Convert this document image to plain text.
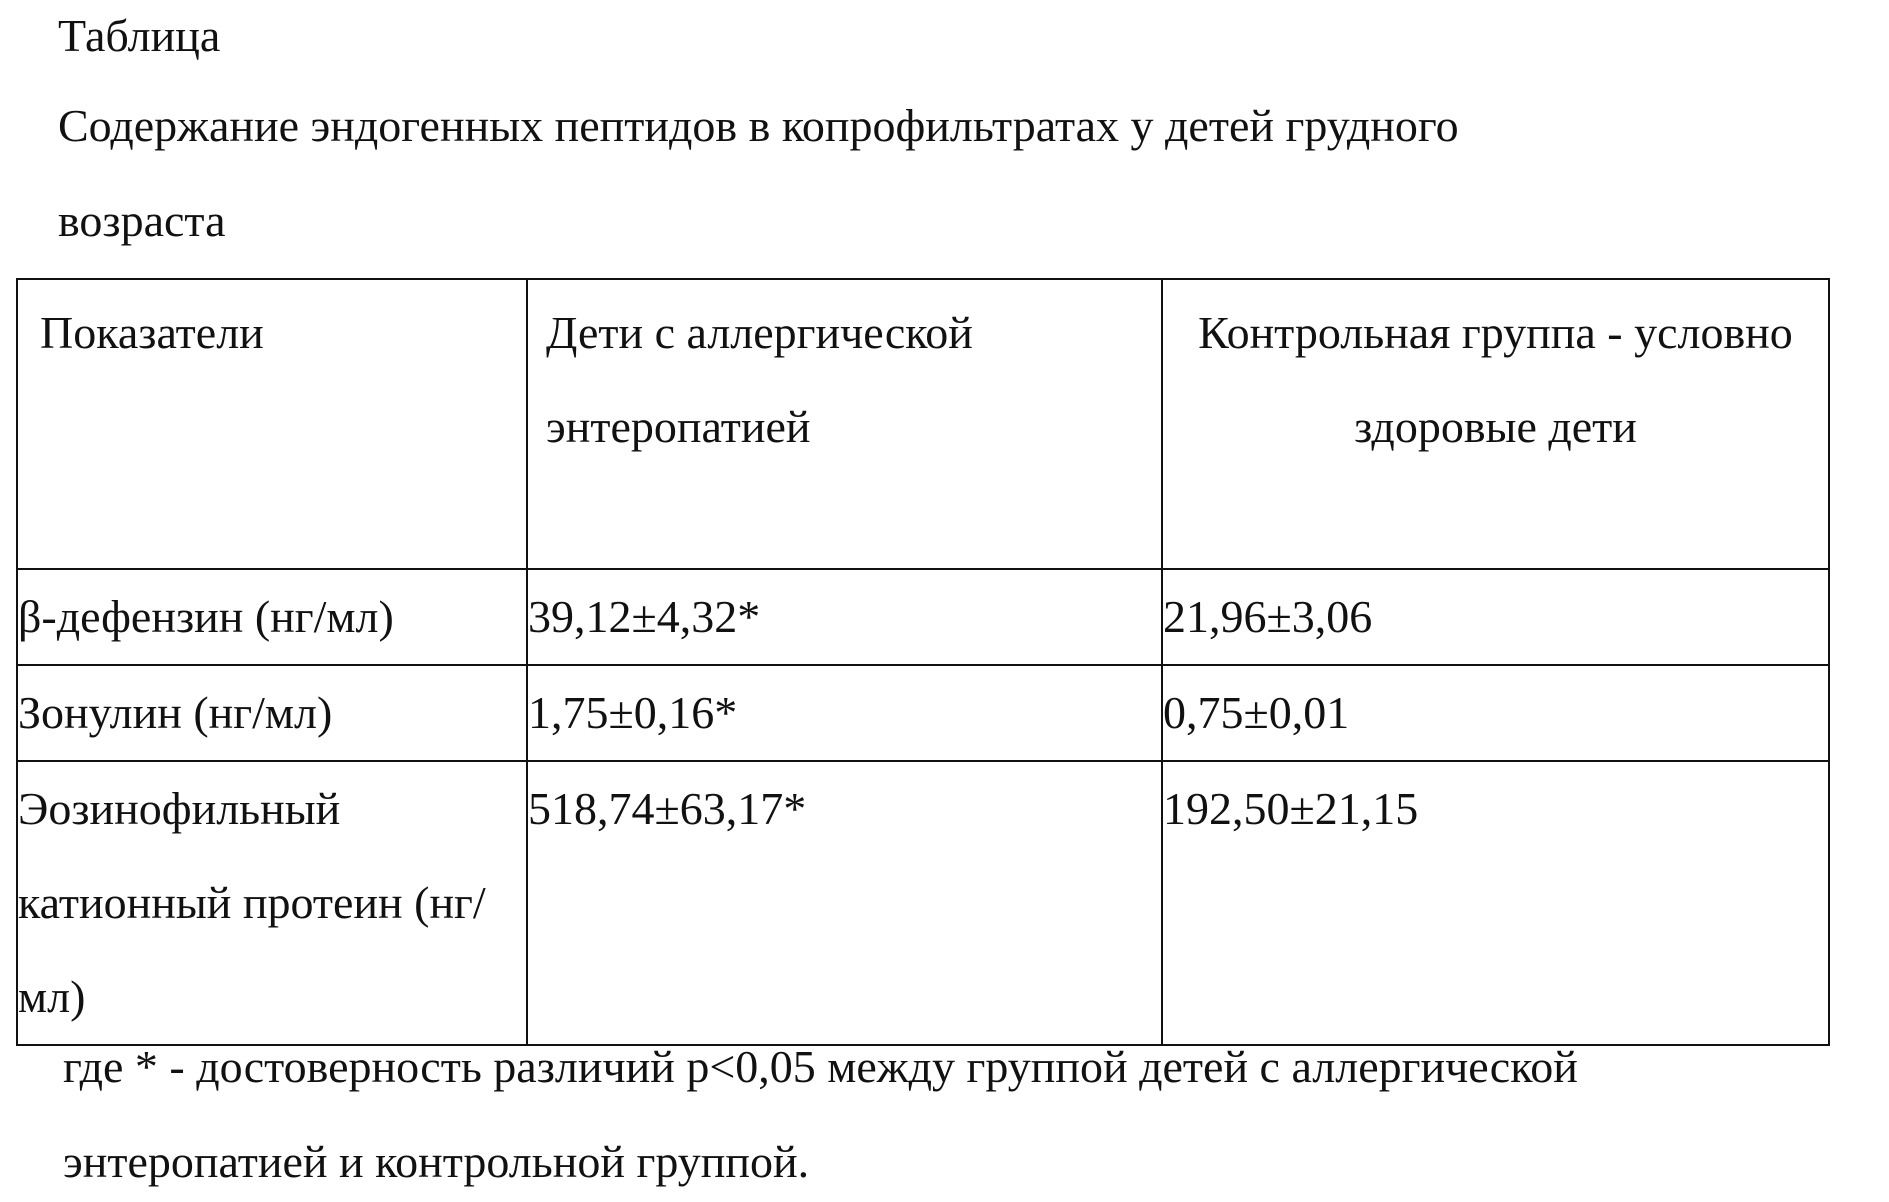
Таблица
Содержание эндогенных пептидов в копрофильтратах у детей грудного
возраста
Показатели	Дети с аллергической энтеропатией	Контрольная группа - условно здоровые дети
β-дефензин (нг/мл)	39,12±4,32*	21,96±3,06
Зонулин (нг/мл)	1,75±0,16*	0,75±0,01
Эозинофильный катионный протеин (нг/мл)	518,74±63,17*	192,50±21,15
где * - достоверность различий р<0,05 между группой детей с аллергической
энтеропатией и контрольной группой.
